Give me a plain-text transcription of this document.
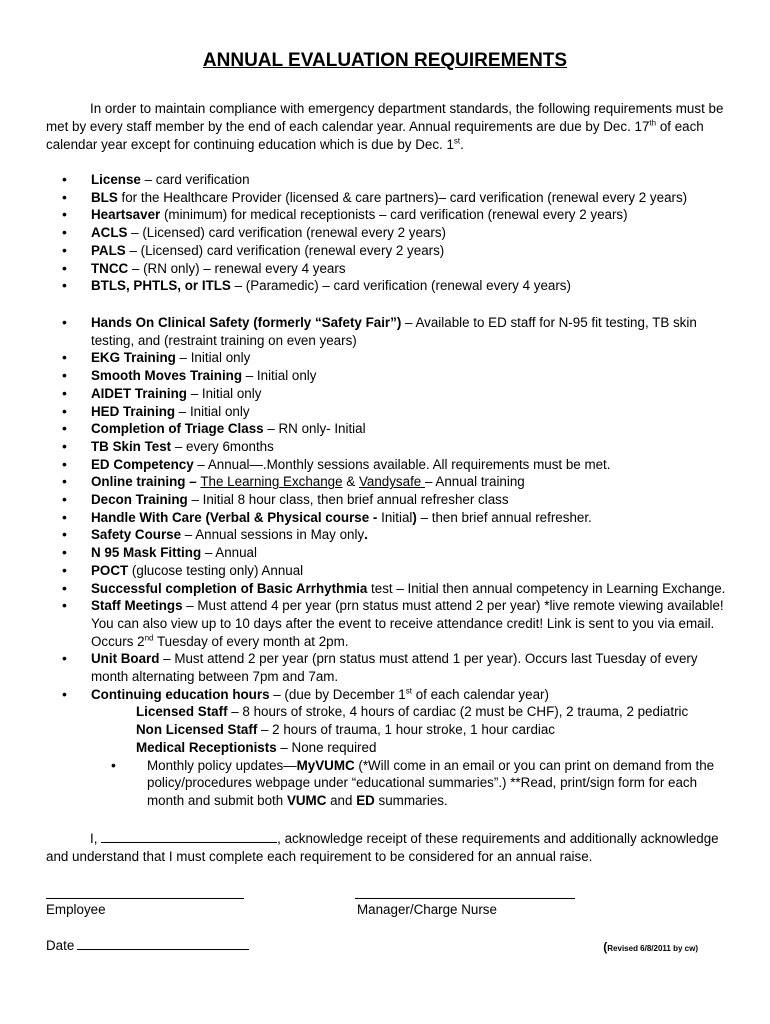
ANNUAL EVALUATION REQUIREMENTS
In order to maintain compliance with emergency department standards, the following requirements must be met by every staff member by the end of each calendar year. Annual requirements are due by Dec. 17th of each calendar year except for continuing education which is due by Dec. 1st.
• License – card verification
• BLS for the Healthcare Provider (licensed & care partners)– card verification (renewal every 2 years)
• Heartsaver (minimum) for medical receptionists – card verification (renewal every 2 years)
• ACLS – (Licensed) card verification (renewal every 2 years)
• PALS – (Licensed) card verification (renewal every 2 years)
• TNCC – (RN only) – renewal every 4 years
• BTLS, PHTLS, or ITLS – (Paramedic) – card verification (renewal every 4 years)
• Hands On Clinical Safety (formerly “Safety Fair”) – Available to ED staff for N-95 fit testing, TB skin testing, and (restraint training on even years)
• EKG Training – Initial only
• Smooth Moves Training – Initial only
• AIDET Training – Initial only
• HED Training – Initial only
• Completion of Triage Class – RN only- Initial
• TB Skin Test – every 6months
• ED Competency – Annual—.Monthly sessions available. All requirements must be met.
• Online training – The Learning Exchange & Vandysafe – Annual training
• Decon Training – Initial 8 hour class, then brief annual refresher class
• Handle With Care (Verbal & Physical course - Initial) – then brief annual refresher.
• Safety Course – Annual sessions in May only.
• N 95 Mask Fitting – Annual
• POCT (glucose testing only) Annual
• Successful completion of Basic Arrhythmia test – Initial then annual competency in Learning Exchange.
• Staff Meetings – Must attend 4 per year (prn status must attend 2 per year) *live remote viewing available! You can also view up to 10 days after the event to receive attendance credit! Link is sent to you via email. Occurs 2nd Tuesday of every month at 2pm.
• Unit Board – Must attend 2 per year (prn status must attend 1 per year). Occurs last Tuesday of every month alternating between 7pm and 7am.
• Continuing education hours – (due by December 1st of each calendar year)
Licensed Staff – 8 hours of stroke, 4 hours of cardiac (2 must be CHF), 2 trauma, 2 pediatric
Non Licensed Staff – 2 hours of trauma, 1 hour stroke, 1 hour cardiac
Medical Receptionists – None required
• Monthly policy updates—MyVUMC (*Will come in an email or you can print on demand from the policy/procedures webpage under “educational summaries”.) **Read, print/sign form for each month and submit both VUMC and ED summaries.
I,	, acknowledge receipt of these requirements and additionally acknowledge and understand that I must complete each requirement to be considered for an annual raise.
Employee	Manager/Charge Nurse
Date	(Revised 6/8/2011 by cw)
